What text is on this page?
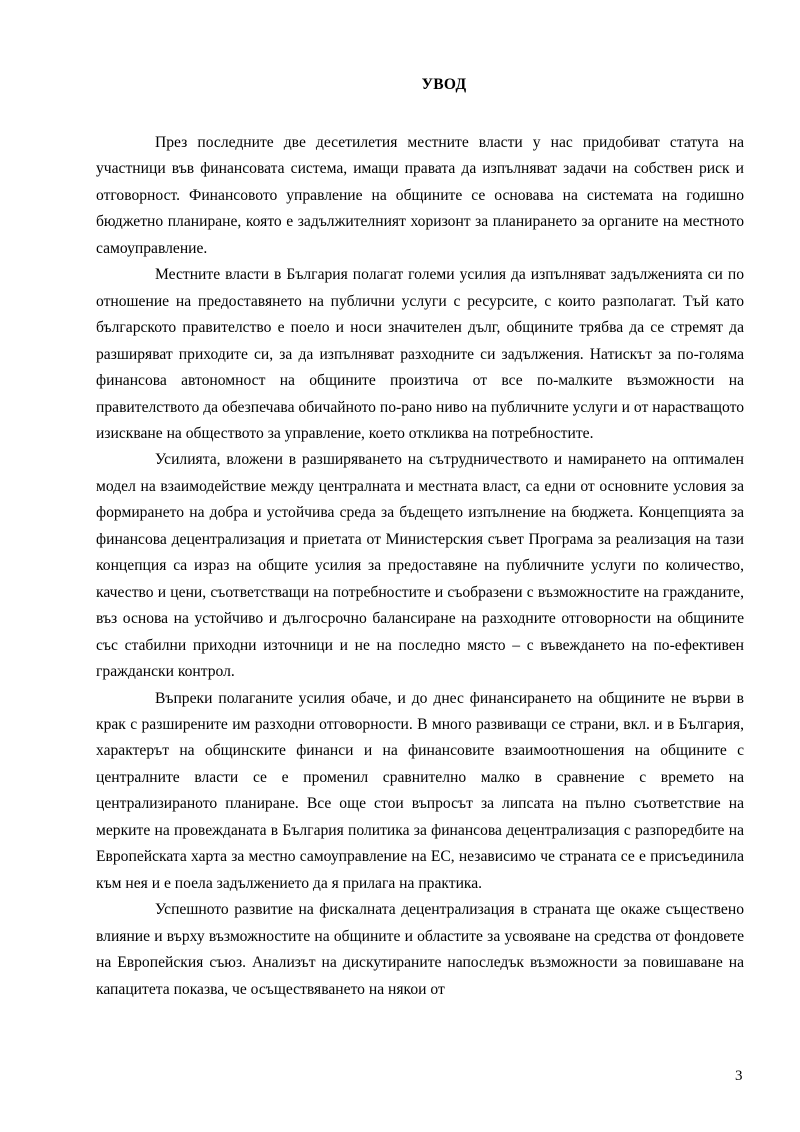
УВОД

През последните две десетилетия местните власти у нас придобиват статута на участници във финансовата система, имащи правата да изпълняват задачи на собствен риск и отговорност. Финансовото управление на общините се основава на системата на годишно бюджетно планиране, която е задължителният хоризонт за планирането за органите на местното самоуправление.

Местните власти в България полагат големи усилия да изпълняват задълженията си по отношение на предоставянето на публични услуги с ресурсите, с които разполагат. Тъй като българското правителство е поело и носи значителен дълг, общините трябва да се стремят да разширяват приходите си, за да изпълняват разходните си задължения. Натискът за по-голяма финансова автономност на общините произтича от все по-малките възможности на правителството да обезпечава обичайното по-рано ниво на публичните услуги и от нарастващото изискване на обществото за управление, което откликва на потребностите.

Усилията, вложени в разширяването на сътрудничеството и намирането на оптимален модел на взаимодействие между централната и местната власт, са едни от основните условия за формирането на добра и устойчива среда за бъдещето изпълнение на бюджета. Концепцията за финансова децентрализация и приетата от Министерския съвет Програма за реализация на тази концепция са израз на общите усилия за предоставяне на публичните услуги по количество, качество и цени, съответстващи на потребностите и съобразени с възможностите на гражданите, въз основа на устойчиво и дългосрочно балансиране на разходните отговорности на общините със стабилни приходни източници и не на последно място – с въвеждането на по-ефективен граждански контрол.

Въпреки полаганите усилия обаче, и до днес финансирането на общините не върви в крак с разширените им разходни отговорности. В много развиващи се страни, вкл. и в България, характерът на общинските финанси и на финансовите взаимоотношения на общините с централните власти се е променил сравнително малко в сравнение с времето на централизираното планиране. Все още стои въпросът за липсата на пълно съответствие на мерките на провежданата в България политика за финансова децентрализация с разпоредбите на Европейската харта за местно самоуправление на ЕС, независимо че страната се е присъединила към нея и е поела задължението да я прилага на практика.

Успешното развитие на фискалната децентрализация в страната ще окаже съществено влияние и върху възможностите на общините и областите за усвояване на средства от фондовете на Европейския съюз. Анализът на дискутираните напоследък възможности за повишаване на капацитета показва, че осъществяването на някои от

3
